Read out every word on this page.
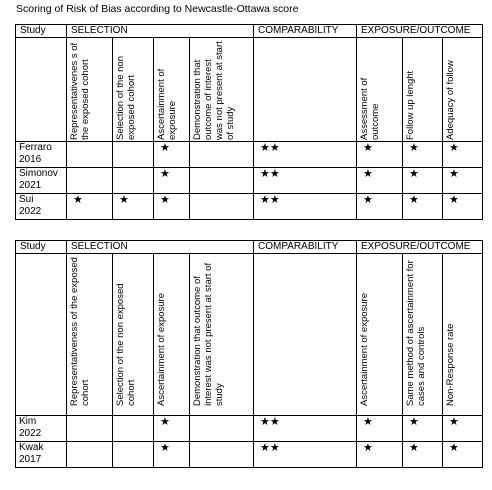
Scoring of Risk of Bias according to Newcastle-Ottawa score
Study	SELECTION				COMPARABILITY	EXPOSURE/OUTCOME		

	Representativenes s of the exposed cohort	Selection of the non exposed cohort	Ascertainment of exposure	Demonstration that outcome of interest was not present at start of study		Assessment of outcome	Follow up lenght	Adequacy of follow

Ferraro
2016			★		★★	★	★	★
Simonov
2021			★		★★	★	★	★
Sui
2022	★	★	★		★★	★	★	★
Study	SELECTION				COMPARABILITY	EXPOSURE/OUTCOME		

	Representativeness of the exposed cohort	Selection of the non exposed cohort	Ascertainment of exposure	Demonstration that outcome of interest was not present at start of study		Ascertainment of exposure	Same method of ascertainment for cases and controls	Non-Response rate

Kim
2022			★		★★	★	★	★
Kwak
2017			★		★★	★	★	★
